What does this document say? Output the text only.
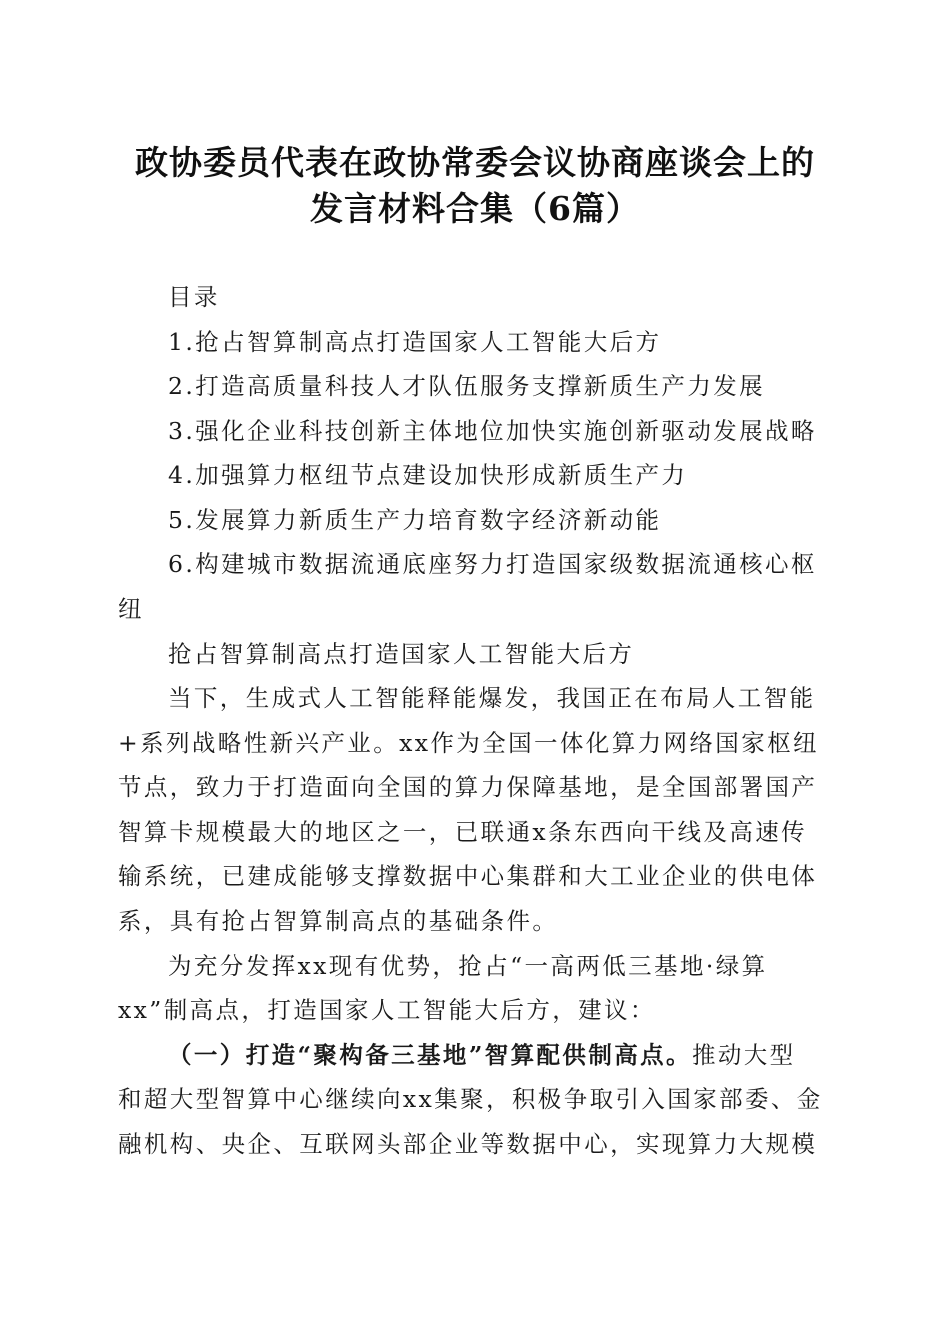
政协委员代表在政协常委会议协商座谈会上的
发言材料合集（6篇）
目录
1.抢占智算制高点打造国家人工智能大后方
2.打造高质量科技人才队伍服务支撑新质生产力发展
3.强化企业科技创新主体地位加快实施创新驱动发展战略
4.加强算力枢纽节点建设加快形成新质生产力
5.发展算力新质生产力培育数字经济新动能
6.构建城市数据流通底座努力打造国家级数据流通核心枢
纽
抢占智算制高点打造国家人工智能大后方
当下，生成式人工智能释能爆发，我国正在布局人工智能
+系列战略性新兴产业。xx作为全国一体化算力网络国家枢纽
节点，致力于打造面向全国的算力保障基地，是全国部署国产
智算卡规模最大的地区之一，已联通x条东西向干线及高速传
输系统，已建成能够支撑数据中心集群和大工业企业的供电体
系，具有抢占智算制高点的基础条件。
为充分发挥xx现有优势，抢占“一高两低三基地·绿算
xx”制高点，打造国家人工智能大后方，建议：
（一）打造“聚构备三基地”智算配供制高点。推动大型
和超大型智算中心继续向xx集聚，积极争取引入国家部委、金
融机构、央企、互联网头部企业等数据中心，实现算力大规模
